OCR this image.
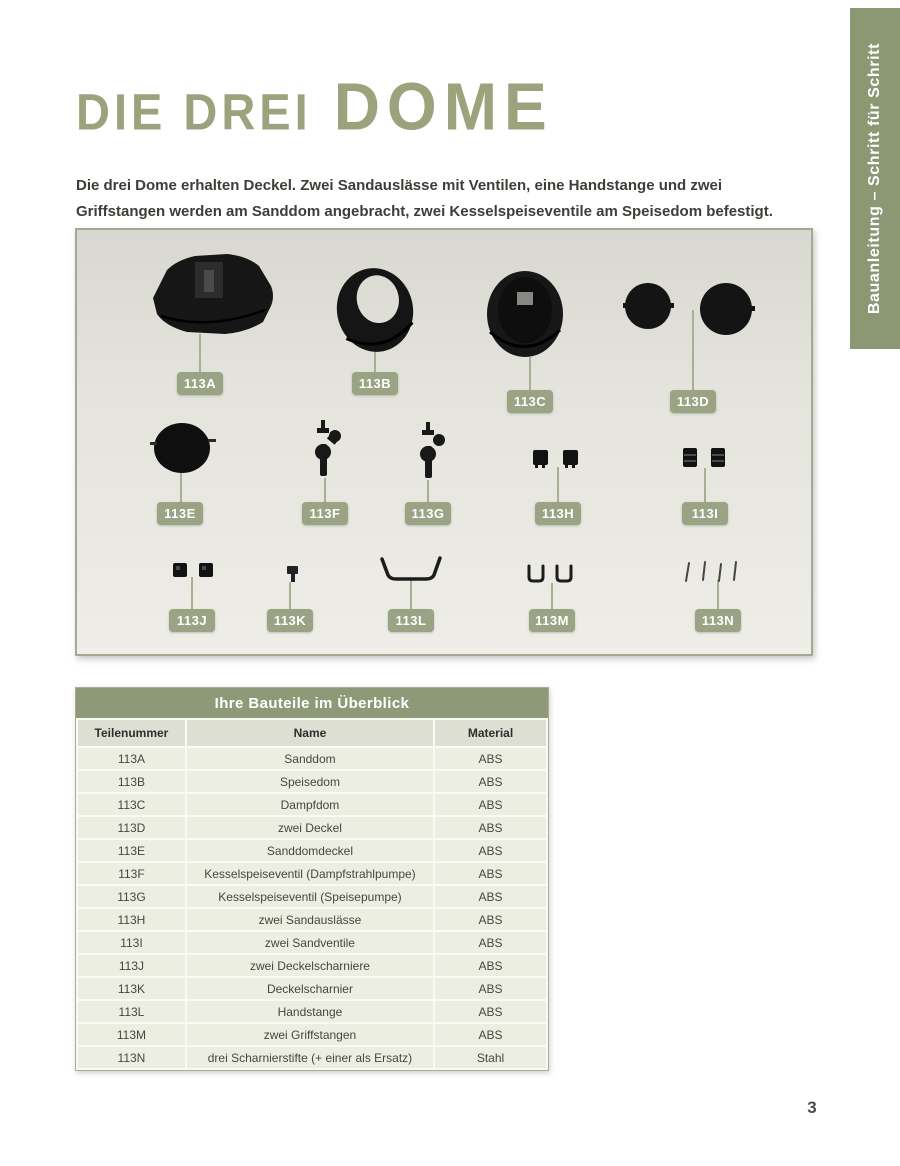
Bauanleitung – Schritt für Schritt
DIE DREI DOME

Die drei Dome erhalten Deckel. Zwei Sandauslässe mit Ventilen, eine Handstange und zwei Griffstangen werden am Sanddom angebracht, zwei Kesselspeiseventile am Speisedom befestigt.

113A	113B
113C	113D
113E	113F	113G	113H	113I
113J	113K	113L	113M	113N
Ihre Bauteile im Überblick
Teilenummer	Name	Material
113A	Sanddom	ABS
113B	Speisedom	ABS
113C	Dampfdom	ABS
113D	zwei Deckel	ABS
113E	Sanddomdeckel	ABS
113F	Kesselspeiseventil (Dampfstrahlpumpe)	ABS
113G	Kesselspeiseventil (Speisepumpe)	ABS
113H	zwei Sandauslässe	ABS
113I	zwei Sandventile	ABS
113J	zwei Deckelscharniere	ABS
113K	Deckelscharnier	ABS
113L	Handstange	ABS
113M	zwei Griffstangen	ABS
113N	drei Scharnierstifte (+ einer als Ersatz)	Stahl
3
